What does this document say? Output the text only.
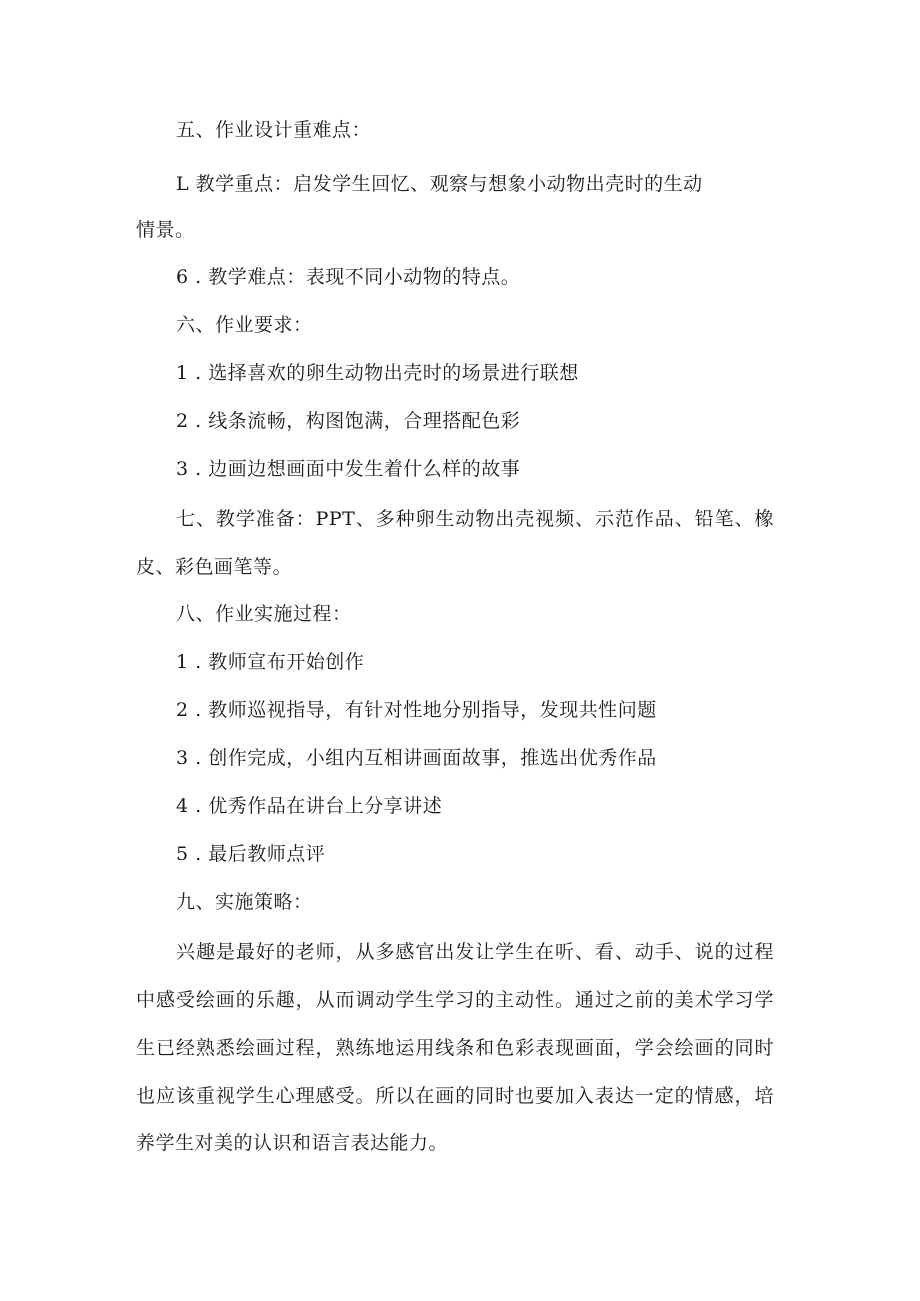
五、作业设计重难点：
L 教学重点：启发学生回忆、观察与想象小动物出壳时的生动
情景。
6 . 教学难点：表现不同小动物的特点。
六、作业要求：
1 . 选择喜欢的卵生动物出壳时的场景进行联想
2 . 线条流畅，构图饱满，合理搭配色彩
3 . 边画边想画面中发生着什么样的故事
七、教学准备：PPT、多种卵生动物出壳视频、示范作品、铅笔、橡
皮、彩色画笔等。
八、作业实施过程：
1 . 教师宣布开始创作
2 . 教师巡视指导，有针对性地分别指导，发现共性问题
3 . 创作完成，小组内互相讲画面故事，推选出优秀作品
4 . 优秀作品在讲台上分享讲述
5 . 最后教师点评
九、实施策略：
兴趣是最好的老师，从多感官出发让学生在听、看、动手、说的过程
中感受绘画的乐趣，从而调动学生学习的主动性。通过之前的美术学习学
生已经熟悉绘画过程，熟练地运用线条和色彩表现画面，学会绘画的同时
也应该重视学生心理感受。所以在画的同时也要加入表达一定的情感，培
养学生对美的认识和语言表达能力。
